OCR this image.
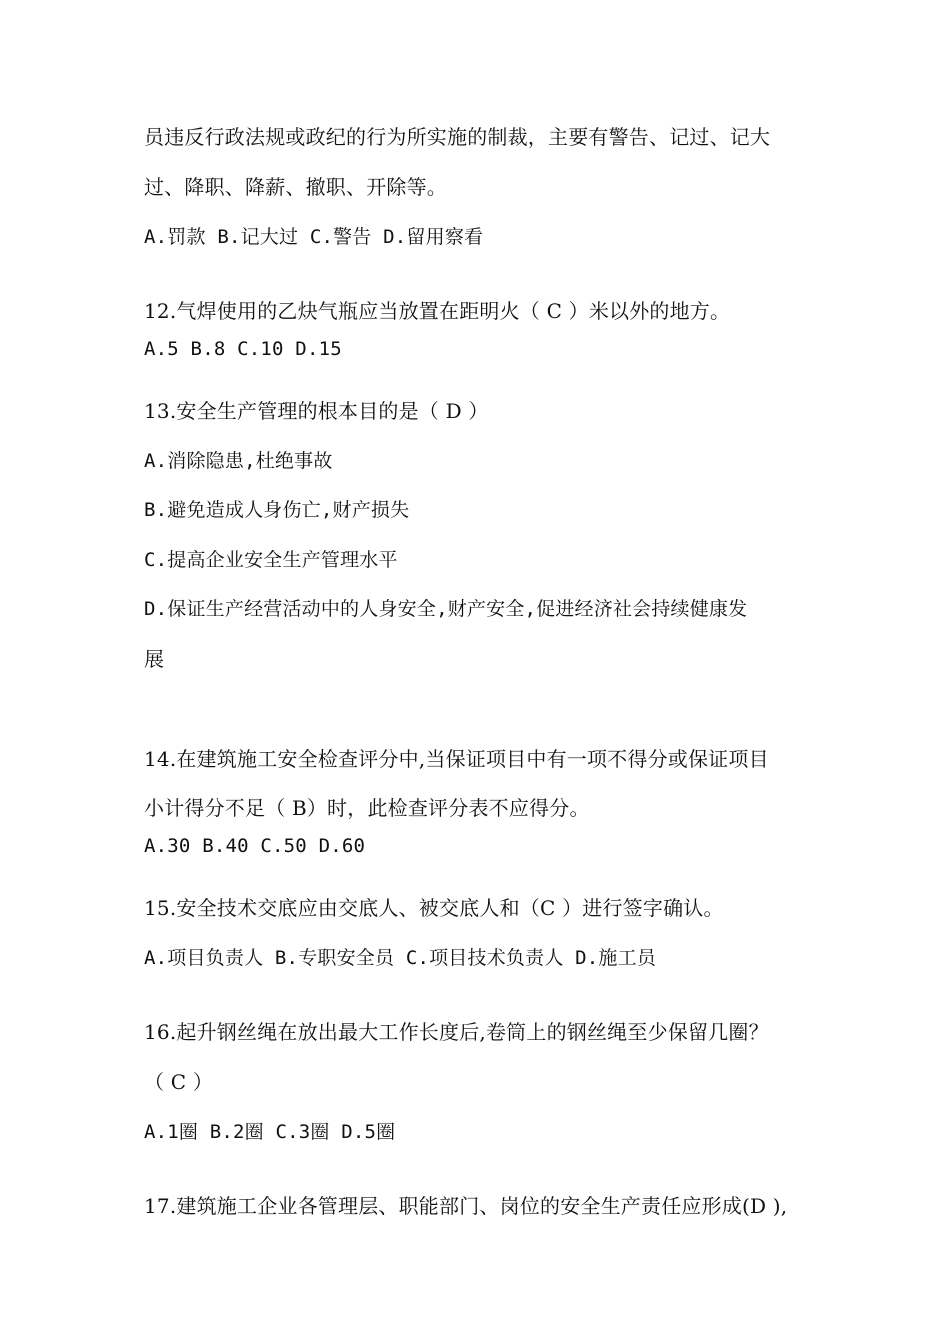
员违反行政法规或政纪的行为所实施的制裁，主要有警告、记过、记大
过、降职、降薪、撤职、开除等。
A.罚款 B.记大过 C.警告 D.留用察看
12.气焊使用的乙炔气瓶应当放置在距明火（ C ）米以外的地方。
A.5 B.8 C.10 D.15
13.安全生产管理的根本目的是（ D ）
A.消除隐患,杜绝事故
B.避免造成人身伤亡,财产损失
C.提高企业安全生产管理水平
D.保证生产经营活动中的人身安全,财产安全,促进经济社会持续健康发
展
14.在建筑施工安全检查评分中,当保证项目中有一项不得分或保证项目
小计得分不足（ B）时，此检查评分表不应得分。
A.30 B.40 C.50 D.60
15.安全技术交底应由交底人、被交底人和（C ）进行签字确认。
A.项目负责人 B.专职安全员 C.项目技术负责人 D.施工员
16.起升钢丝绳在放出最大工作长度后,卷筒上的钢丝绳至少保留几圈？
（ C ）
A.1圈 B.2圈 C.3圈 D.5圈
17.建筑施工企业各管理层、职能部门、岗位的安全生产责任应形成(D ),
